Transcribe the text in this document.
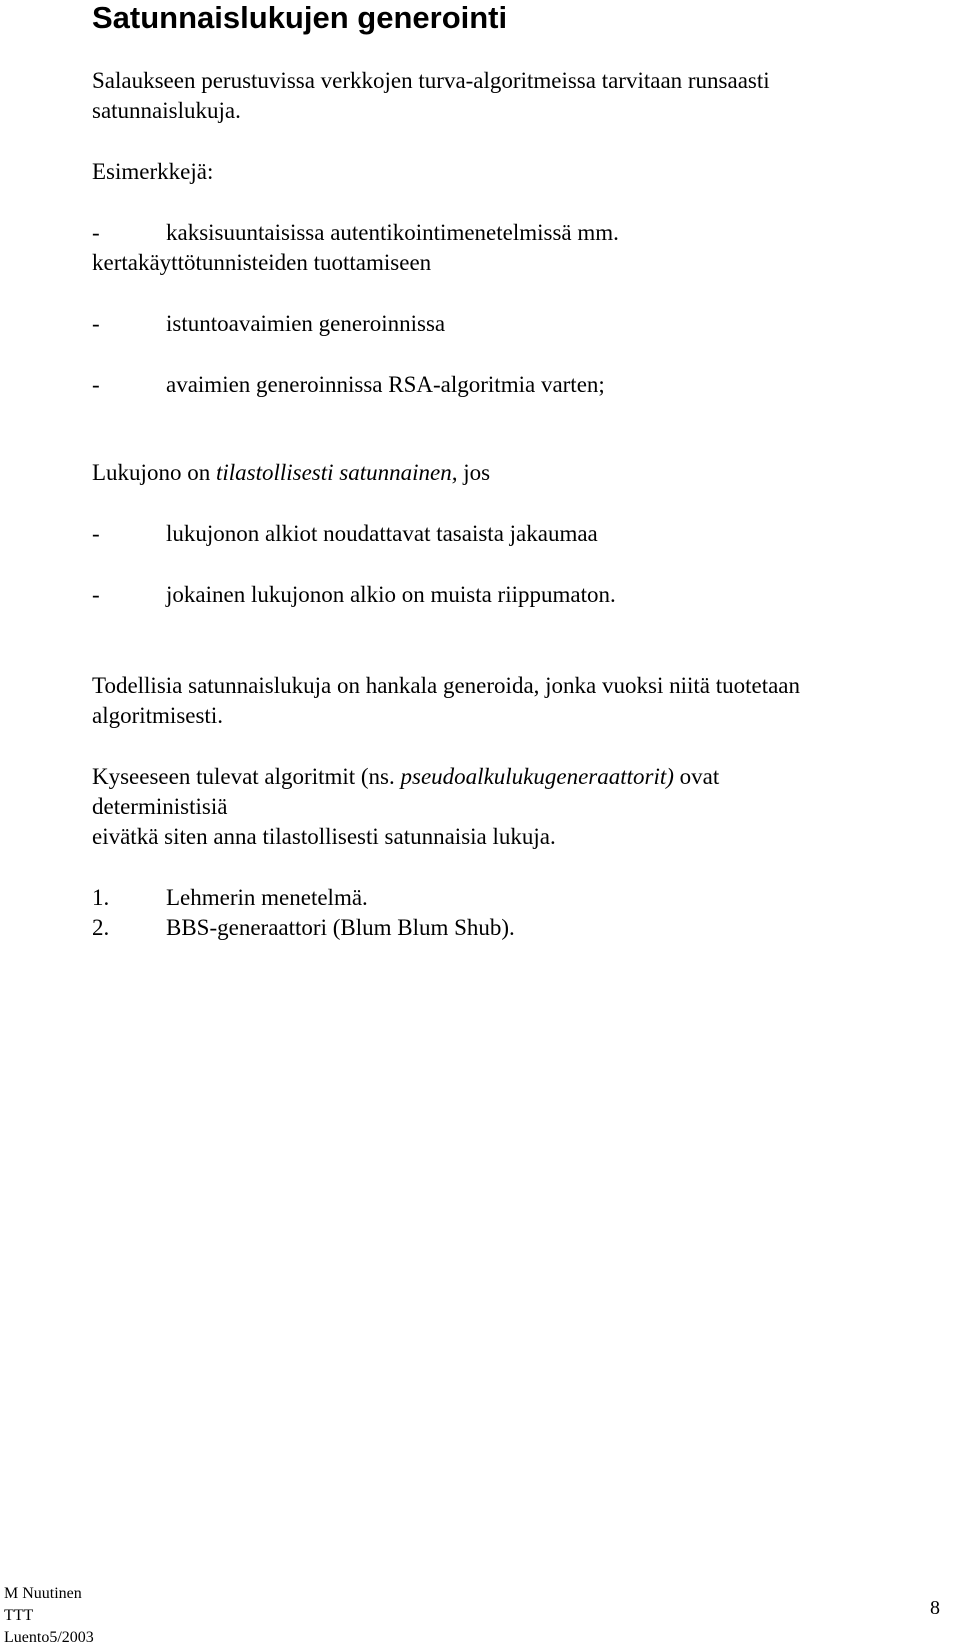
Satunnaislukujen generointi
Salaukseen perustuvissa verkkojen turva-algoritmeissa tarvitaan runsaasti
satunnaislukuja.
Esimerkkejä:
-	kaksisuuntaisissa autentikointimenetelmissä mm.
kertakäyttötunnisteiden tuottamiseen
-	istuntoavaimien generoinnissa
-	avaimien generoinnissa RSA-algoritmia varten;
Lukujono on tilastollisesti satunnainen, jos
-	lukujonon alkiot noudattavat tasaista jakaumaa
-	jokainen lukujonon alkio on muista riippumaton.
Todellisia satunnaislukuja on hankala generoida, jonka vuoksi niitä tuotetaan
algoritmisesti.
Kyseeseen tulevat algoritmit (ns. pseudoalkulukugeneraattorit) ovat
deterministisiä
eivätkä siten anna tilastollisesti satunnaisia lukuja.
1. Lehmerin menetelmä.
2. BBS-generaattori (Blum Blum Shub).
M Nuutinen
TTT
Luento5/2003
8
